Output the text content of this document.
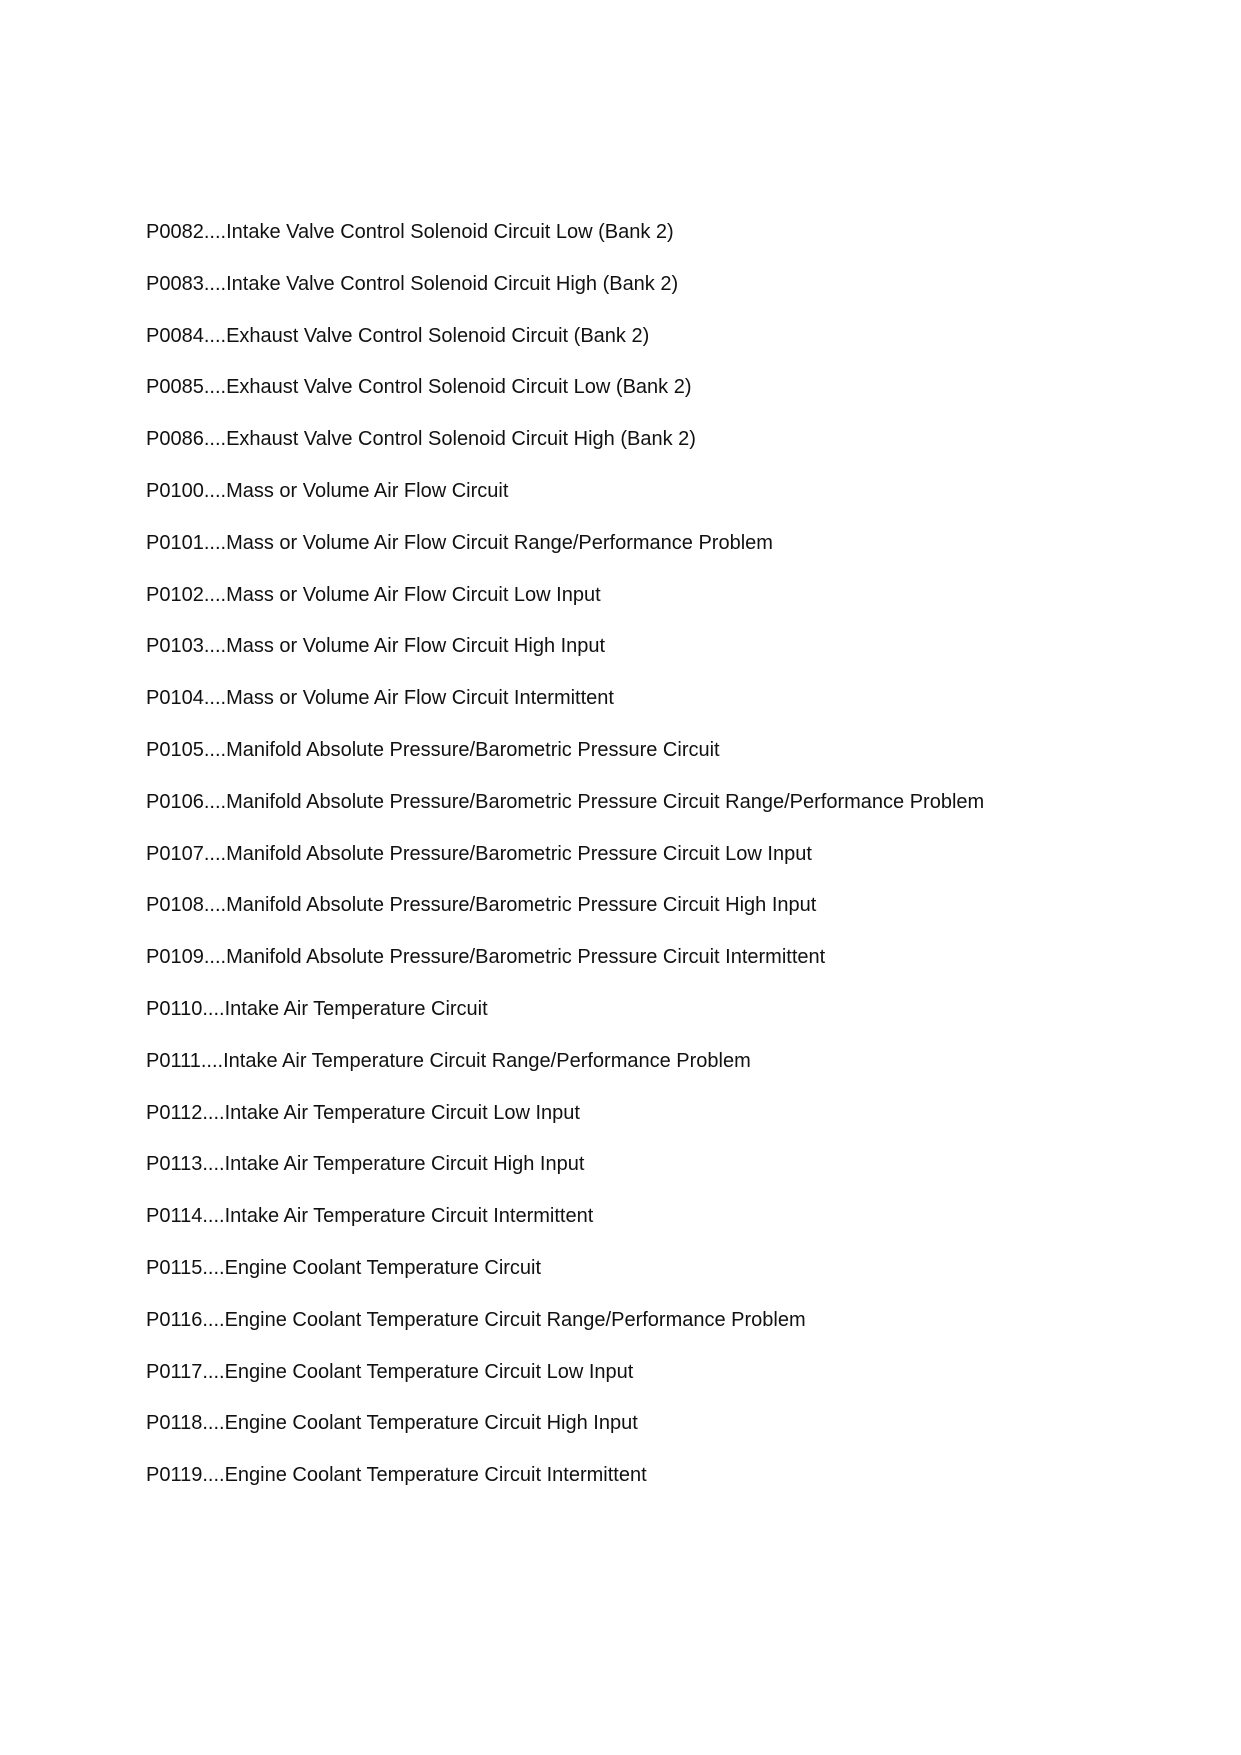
P0082....Intake Valve Control Solenoid Circuit Low (Bank 2)
P0083....Intake Valve Control Solenoid Circuit High (Bank 2)
P0084....Exhaust Valve Control Solenoid Circuit (Bank 2)
P0085....Exhaust Valve Control Solenoid Circuit Low (Bank 2)
P0086....Exhaust Valve Control Solenoid Circuit High (Bank 2)
P0100....Mass or Volume Air Flow Circuit
P0101....Mass or Volume Air Flow Circuit Range/Performance Problem
P0102....Mass or Volume Air Flow Circuit Low Input
P0103....Mass or Volume Air Flow Circuit High Input
P0104....Mass or Volume Air Flow Circuit Intermittent
P0105....Manifold Absolute Pressure/Barometric Pressure Circuit
P0106....Manifold Absolute Pressure/Barometric Pressure Circuit Range/Performance Problem
P0107....Manifold Absolute Pressure/Barometric Pressure Circuit Low Input
P0108....Manifold Absolute Pressure/Barometric Pressure Circuit High Input
P0109....Manifold Absolute Pressure/Barometric Pressure Circuit Intermittent
P0110....Intake Air Temperature Circuit
P0111....Intake Air Temperature Circuit Range/Performance Problem
P0112....Intake Air Temperature Circuit Low Input
P0113....Intake Air Temperature Circuit High Input
P0114....Intake Air Temperature Circuit Intermittent
P0115....Engine Coolant Temperature Circuit
P0116....Engine Coolant Temperature Circuit Range/Performance Problem
P0117....Engine Coolant Temperature Circuit Low Input
P0118....Engine Coolant Temperature Circuit High Input
P0119....Engine Coolant Temperature Circuit Intermittent
